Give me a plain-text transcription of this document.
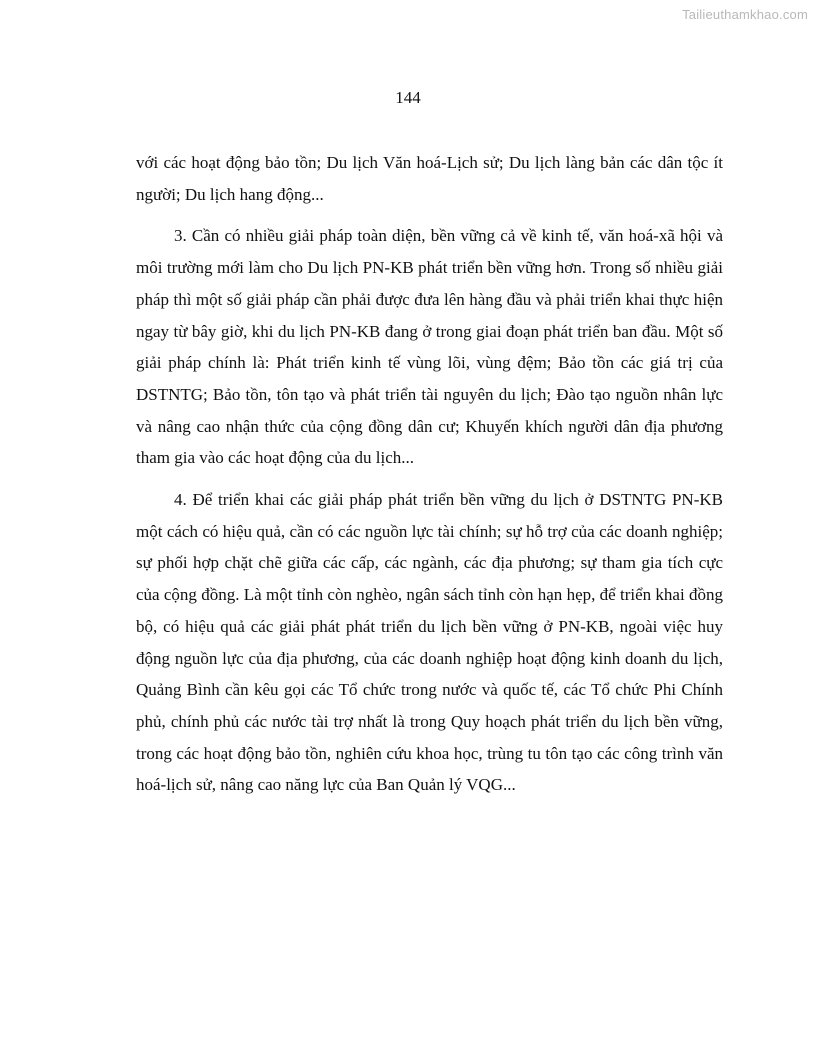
Tailieuthamkhao.com
144

với các hoạt động bảo tồn; Du lịch Văn hoá-Lịch sử; Du lịch làng bản các dân tộc ít người; Du lịch hang động...

3. Cần có nhiều giải pháp toàn diện, bền vững cả về kinh tế, văn hoá-xã hội và môi trường mới làm cho Du lịch PN-KB phát triển bền vững hơn. Trong số nhiều giải pháp thì một số giải pháp cần phải được đưa lên hàng đầu và phải triển khai thực hiện ngay từ bây giờ, khi du lịch PN-KB đang ở trong giai đoạn phát triển ban đầu. Một số giải pháp chính là: Phát triển kinh tế vùng lõi, vùng đệm; Bảo tồn các giá trị của DSTNTG; Bảo tồn, tôn tạo và phát triển tài nguyên du lịch; Đào tạo nguồn nhân lực và nâng cao nhận thức của cộng đồng dân cư; Khuyến khích người dân địa phương tham gia vào các hoạt động của du lịch...

4. Để triển khai các giải pháp phát triển bền vững du lịch ở DSTNTG PN-KB một cách có hiệu quả, cần có các nguồn lực tài chính; sự hỗ trợ của các doanh nghiệp; sự phối hợp chặt chẽ giữa các cấp, các ngành, các địa phương; sự tham gia tích cực của cộng đồng. Là một tỉnh còn nghèo, ngân sách tỉnh còn hạn hẹp, để triển khai đồng bộ, có hiệu quả các giải phát phát triển du lịch bền vững ở PN-KB, ngoài việc huy động nguồn lực của địa phương, của các doanh nghiệp hoạt động kinh doanh du lịch, Quảng Bình cần kêu gọi các Tổ chức trong nước và quốc tế, các Tổ chức Phi Chính phủ, chính phủ các nước tài trợ nhất là trong Quy hoạch phát triển du lịch bền vững, trong các hoạt động bảo tồn, nghiên cứu khoa học, trùng tu tôn tạo các công trình văn hoá-lịch sử, nâng cao năng lực của Ban Quản lý VQG...
